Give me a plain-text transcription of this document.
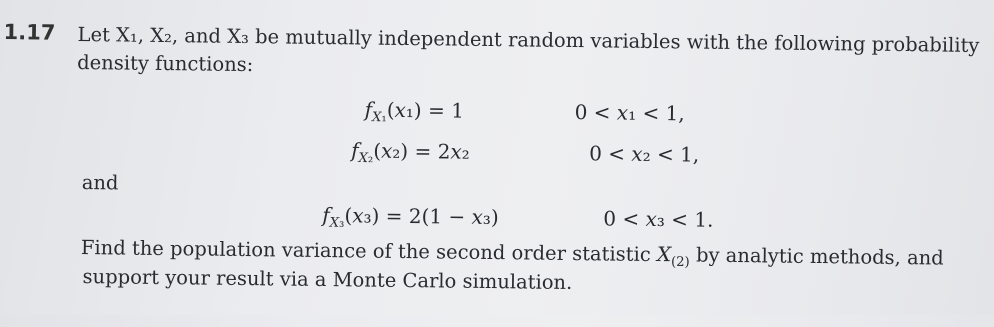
1.17 Let X₁, X₂, and X₃ be mutually independent random variables with the following probability
density functions:
$f_{X_1}(x_1) = 1$	0 < x₁ < 1,
$f_{X_2}(x_2) = 2x_2$	0 < x₂ < 1,
and
$f_{X_3}(x_3) = 2(1 - x_3)$	0 < x₃ < 1.
Find the population variance of the second order statistic $X_{(2)}$ by analytic methods, and
support your result via a Monte Carlo simulation.
